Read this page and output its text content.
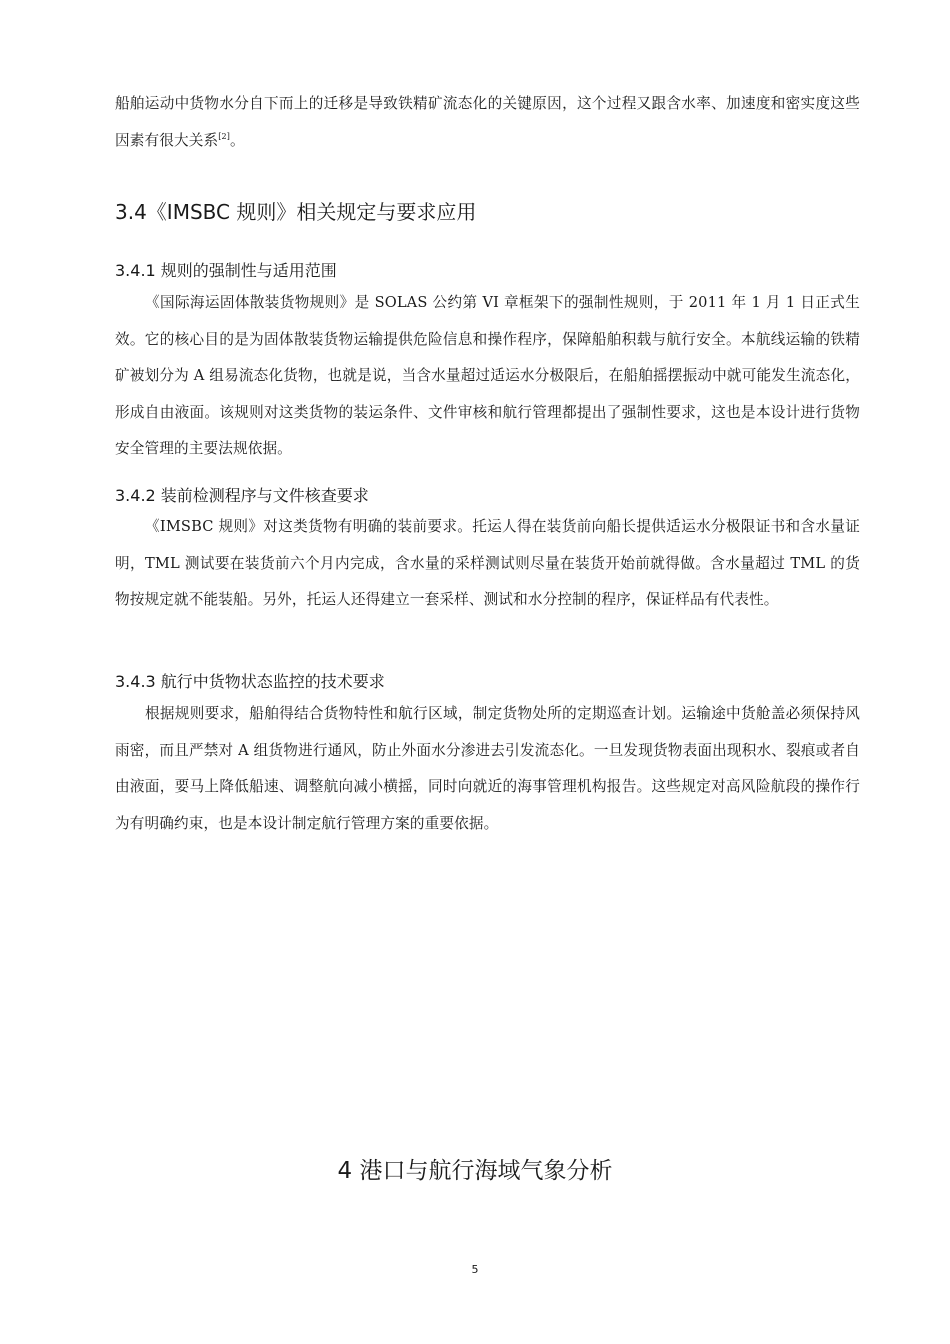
船舶运动中货物水分自下而上的迁移是导致铁精矿流态化的关键原因，这个过程又跟含水率、加速度和密实度这些因素有很大关系[2]。

3.4《IMSBC 规则》相关规定与要求应用
3.4.1 规则的强制性与适用范围

《国际海运固体散装货物规则》是 SOLAS 公约第 VI 章框架下的强制性规则，于 2011 年 1 月 1 日正式生效。它的核心目的是为固体散装货物运输提供危险信息和操作程序，保障船舶积载与航行安全。本航线运输的铁精矿被划分为 A 组易流态化货物，也就是说，当含水量超过适运水分极限后，在船舶摇摆振动中就可能发生流态化，形成自由液面。该规则对这类货物的装运条件、文件审核和航行管理都提出了强制性要求，这也是本设计进行货物安全管理的主要法规依据。

3.4.2 装前检测程序与文件核查要求

《IMSBC 规则》对这类货物有明确的装前要求。托运人得在装货前向船长提供适运水分极限证书和含水量证明，TML 测试要在装货前六个月内完成，含水量的采样测试则尽量在装货开始前就得做。含水量超过 TML 的货物按规定就不能装船。另外，托运人还得建立一套采样、测试和水分控制的程序，保证样品有代表性。

3.4.3 航行中货物状态监控的技术要求

根据规则要求，船舶得结合货物特性和航行区域，制定货物处所的定期巡查计划。运输途中货舱盖必须保持风雨密，而且严禁对 A 组货物进行通风，防止外面水分渗进去引发流态化。一旦发现货物表面出现积水、裂痕或者自由液面，要马上降低船速、调整航向减小横摇，同时向就近的海事管理机构报告。这些规定对高风险航段的操作行为有明确约束，也是本设计制定航行管理方案的重要依据。

4 港口与航行海域气象分析
5
